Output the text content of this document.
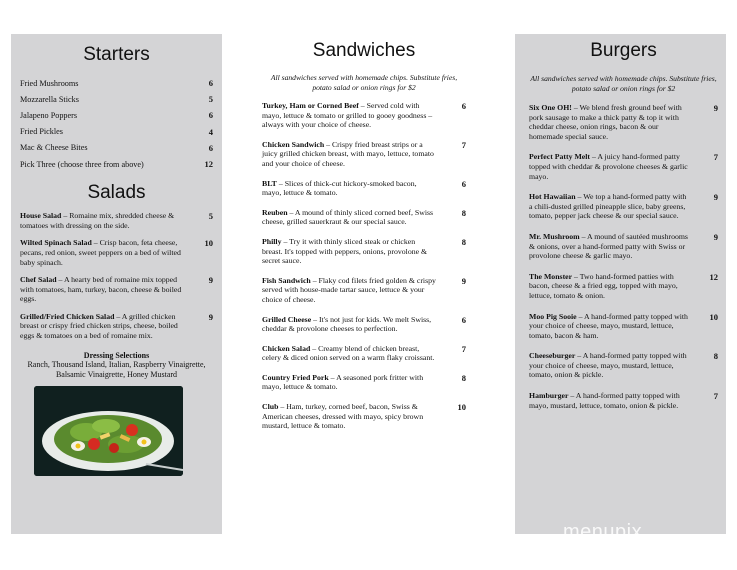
Starters
Fried Mushrooms	6
Mozzarella Sticks	5
Jalapeno Poppers	6
Fried Pickles	4
Mac & Cheese Bites	6
Pick Three (choose three from above)	12
Salads
House Salad – Romaine mix, shredded cheese & tomatoes with dressing on the side.
5
Wilted Spinach Salad – Crisp bacon, feta cheese, pecans, red onion, sweet peppers on a bed of wilted baby spinach.
10
Chef Salad – A hearty bed of romaine mix topped with tomatoes, ham, turkey, bacon, cheese & boiled eggs.
9
Grilled/Fried Chicken Salad – A grilled chicken breast or crispy fried chicken strips, cheese, boiled eggs & tomatoes on a bed of romaine mix.
9
Dressing Selections
Ranch, Thousand Island, Italian, Raspberry Vinaigrette, Balsamic Vinaigrette, Honey Mustard
Sandwiches
All sandwiches served with homemade chips. Substitute fries, potato salad or onion rings for $2
Turkey, Ham or Corned Beef – Served cold with mayo, lettuce & tomato or grilled to gooey goodness – always with your choice of cheese.
6
Chicken Sandwich – Crispy fried breast strips or a juicy grilled chicken breast, with mayo, lettuce, tomato and your choice of cheese.
7
BLT – Slices of thick-cut hickory-smoked bacon, mayo, lettuce & tomato.
6
Reuben – A mound of thinly sliced corned beef, Swiss cheese, grilled sauerkraut & our special sauce.
8
Philly – Try it with thinly sliced steak or chicken breast. It's topped with peppers, onions, provolone & secret sauce.
8
Fish Sandwich – Flaky cod filets fried golden & crispy served with house-made tartar sauce, lettuce & your choice of cheese.
9
Grilled Cheese – It's not just for kids. We melt Swiss, cheddar & provolone cheeses to perfection.
6
Chicken Salad – Creamy blend of chicken breast, celery & diced onion served on a warm flaky croissant.
7
Country Fried Pork – A seasoned pork fritter with mayo, lettuce & tomato.
8
Club – Ham, turkey, corned beef, bacon, Swiss & American cheeses, dressed with mayo, spicy brown mustard, lettuce & tomato.
10
Burgers
All sandwiches served with homemade chips. Substitute fries, potato salad or onion rings for $2
Six One OH! – We blend fresh ground beef with pork sausage to make a thick patty & top it with cheddar cheese, onion rings, bacon & our homemade special sauce.
9
Perfect Patty Melt – A juicy hand-formed patty topped with cheddar & provolone cheeses & garlic mayo.
7
Hot Hawaiian – We top a hand-formed patty with a chili-dusted grilled pineapple slice, baby greens, tomato, pepper jack cheese & our special sauce.
9
Mr. Mushroom – A mound of sautéed mushrooms & onions, over a hand-formed patty with Swiss or provolone cheese & garlic mayo.
9
The Monster – Two hand-formed patties with bacon, cheese & a fried egg, topped with mayo, lettuce, tomato & onion.
12
Moo Pig Sooie – A hand-formed patty topped with your choice of cheese, mayo, mustard, lettuce, tomato, bacon & ham.
10
Cheeseburger – A hand-formed patty topped with your choice of cheese, mayo, mustard, lettuce, tomato, onion & pickle.
8
Hamburger – A hand-formed patty topped with mayo, mustard, lettuce, tomato, onion & pickle.
7
menupix
